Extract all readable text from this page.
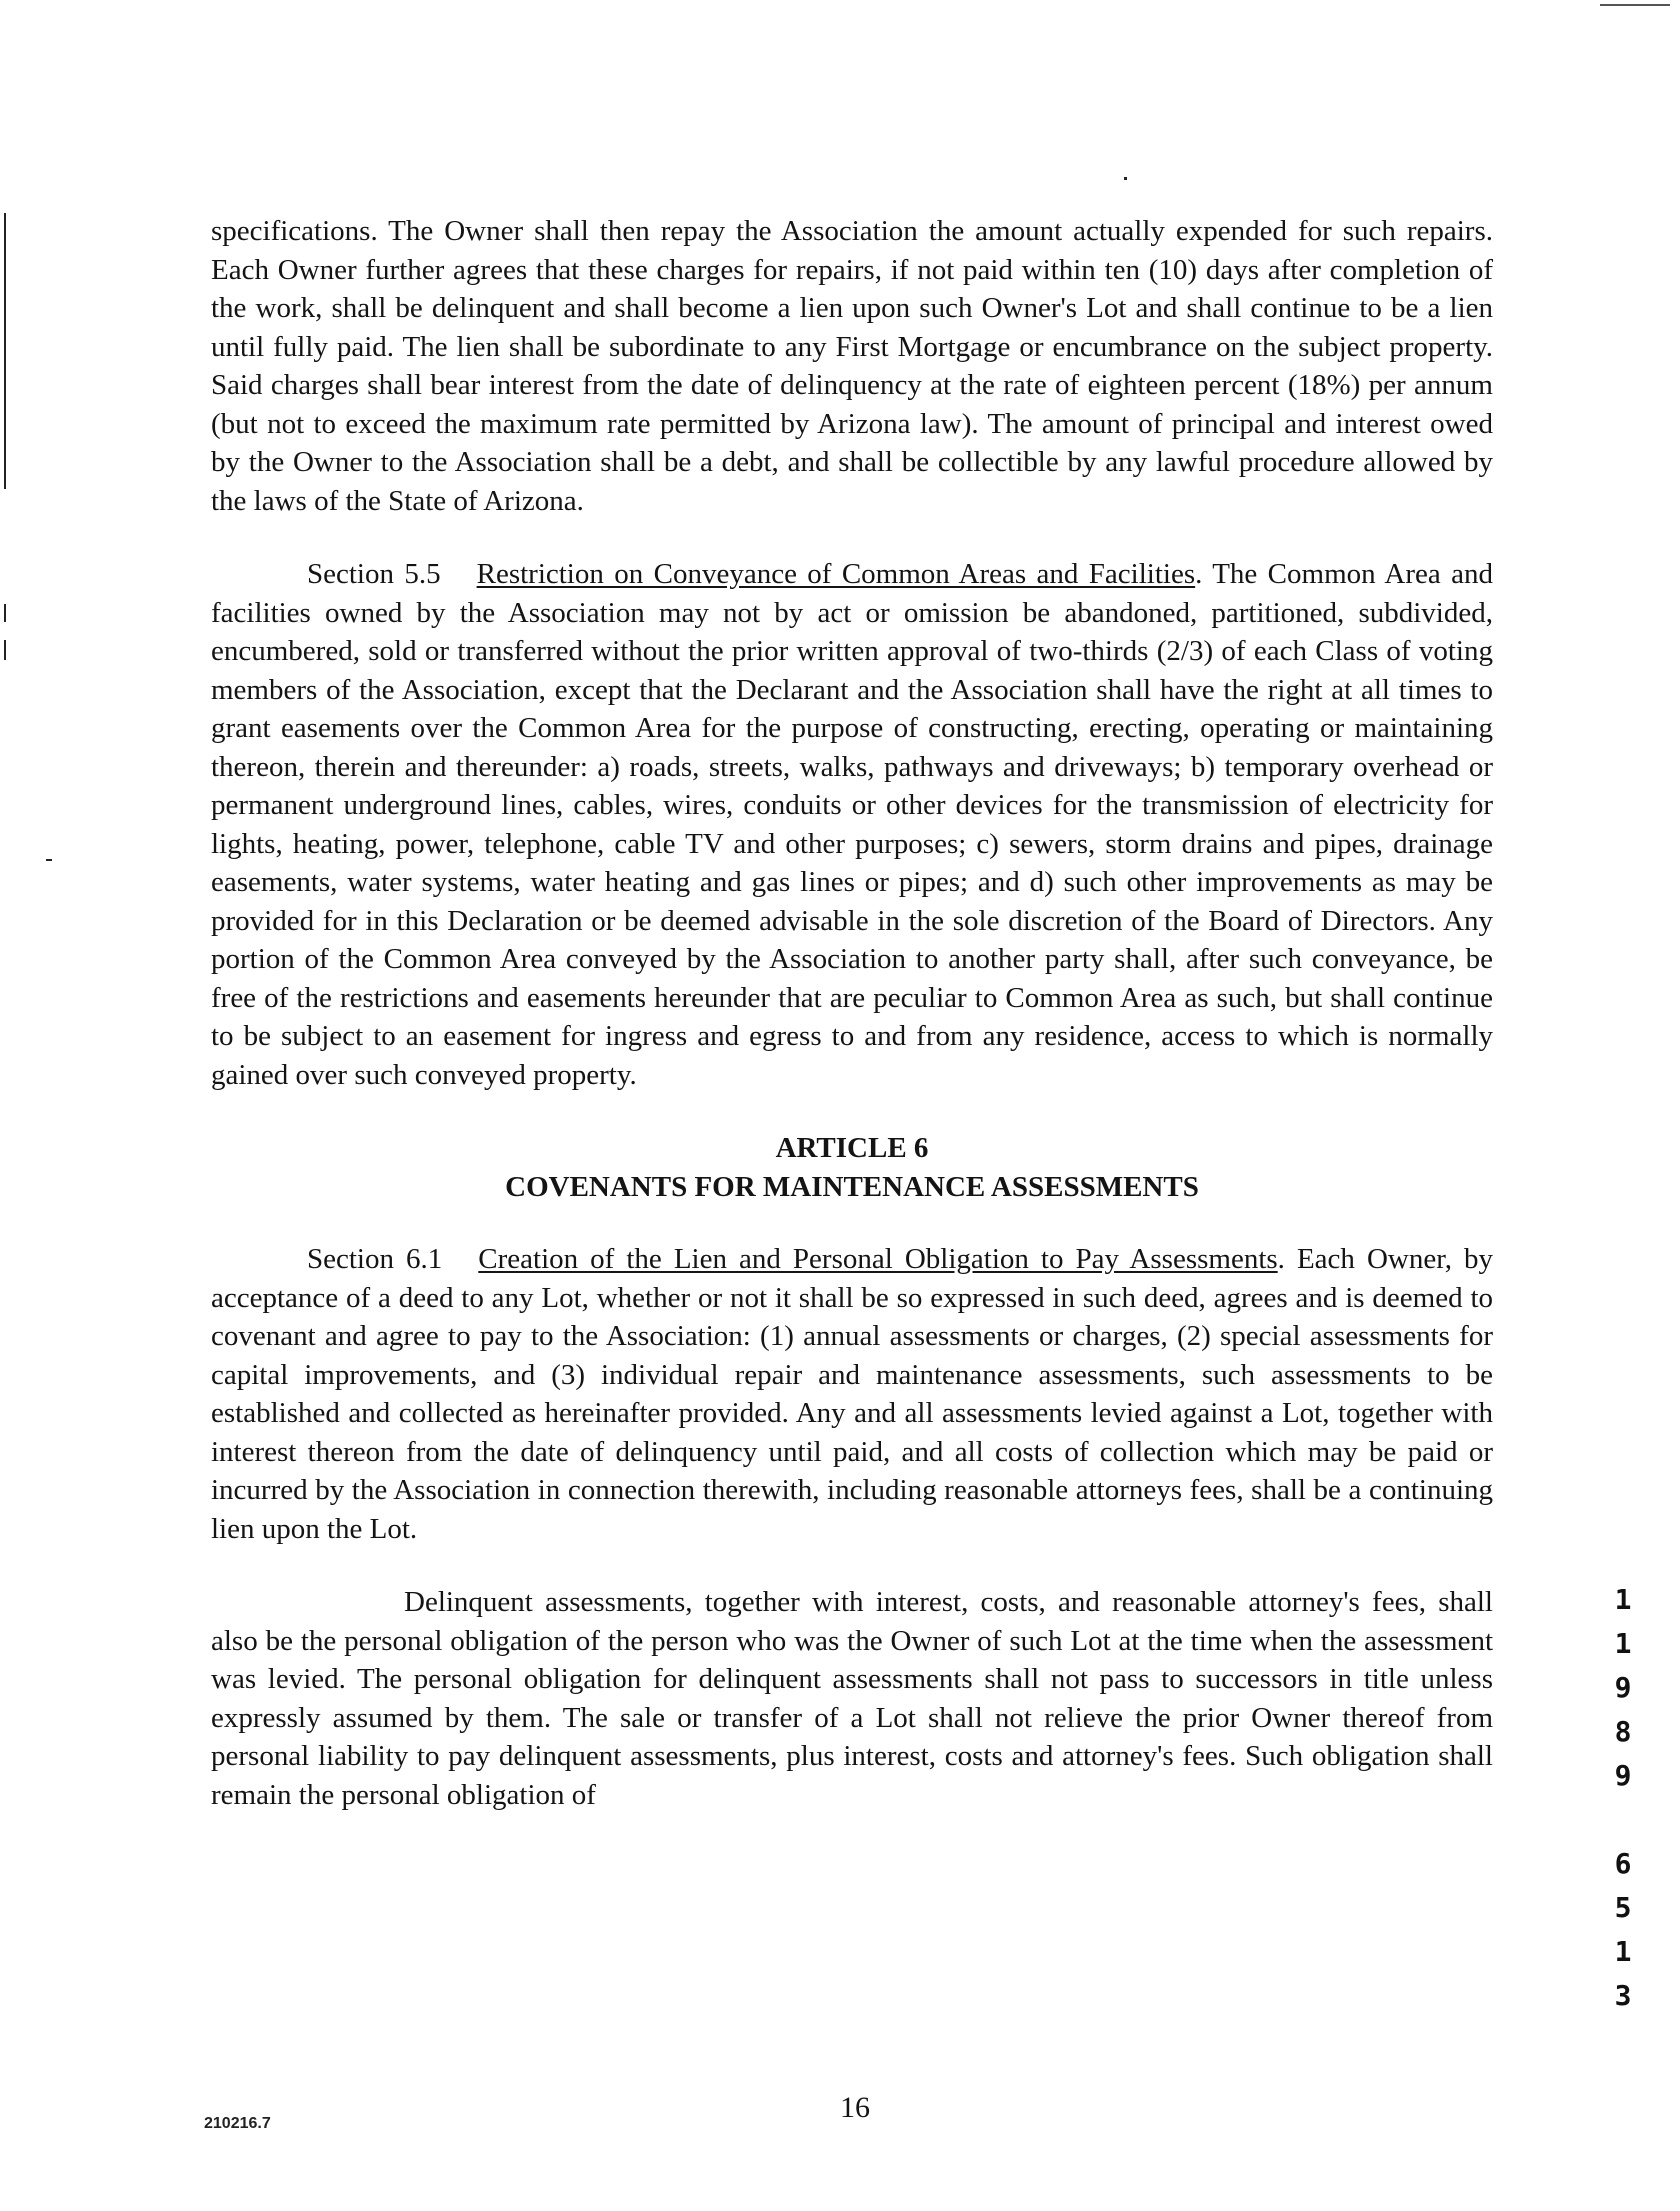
specifications. The Owner shall then repay the Association the amount actually expended for such repairs. Each Owner further agrees that these charges for repairs, if not paid within ten (10) days after completion of the work, shall be delinquent and shall become a lien upon such Owner's Lot and shall continue to be a lien until fully paid. The lien shall be subordinate to any First Mortgage or encumbrance on the subject property. Said charges shall bear interest from the date of delinquency at the rate of eighteen percent (18%) per annum (but not to exceed the maximum rate permitted by Arizona law). The amount of principal and interest owed by the Owner to the Association shall be a debt, and shall be collectible by any lawful procedure allowed by the laws of the State of Arizona.

Section 5.5 Restriction on Conveyance of Common Areas and Facilities. The Common Area and facilities owned by the Association may not by act or omission be abandoned, partitioned, subdivided, encumbered, sold or transferred without the prior written approval of two-thirds (2/3) of each Class of voting members of the Association, except that the Declarant and the Association shall have the right at all times to grant easements over the Common Area for the purpose of constructing, erecting, operating or maintaining thereon, therein and thereunder: a) roads, streets, walks, pathways and driveways; b) temporary overhead or permanent underground lines, cables, wires, conduits or other devices for the transmission of electricity for lights, heating, power, telephone, cable TV and other purposes; c) sewers, storm drains and pipes, drainage easements, water systems, water heating and gas lines or pipes; and d) such other improvements as may be provided for in this Declaration or be deemed advisable in the sole discretion of the Board of Directors. Any portion of the Common Area conveyed by the Association to another party shall, after such conveyance, be free of the restrictions and easements hereunder that are peculiar to Common Area as such, but shall continue to be subject to an easement for ingress and egress to and from any residence, access to which is normally gained over such conveyed property.

ARTICLE 6
COVENANTS FOR MAINTENANCE ASSESSMENTS

Section 6.1 Creation of the Lien and Personal Obligation to Pay Assessments. Each Owner, by acceptance of a deed to any Lot, whether or not it shall be so expressed in such deed, agrees and is deemed to covenant and agree to pay to the Association: (1) annual assessments or charges, (2) special assessments for capital improvements, and (3) individual repair and maintenance assessments, such assessments to be established and collected as hereinafter provided. Any and all assessments levied against a Lot, together with interest thereon from the date of delinquency until paid, and all costs of collection which may be paid or incurred by the Association in connection therewith, including reasonable attorneys fees, shall be a continuing lien upon the Lot.

Delinquent assessments, together with interest, costs, and reasonable attorney's fees, shall also be the personal obligation of the person who was the Owner of such Lot at the time when the assessment was levied. The personal obligation for delinquent assessments shall not pass to successors in title unless expressly assumed by them. The sale or transfer of a Lot shall not relieve the prior Owner thereof from personal liability to pay delinquent assessments, plus interest, costs and attorney's fees. Such obligation shall remain the personal obligation of

210216.7	16
1
1
9
8
9
6
5
1
3
